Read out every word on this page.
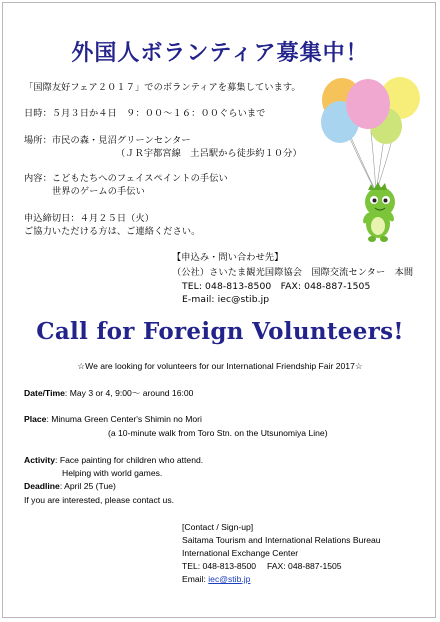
外国人ボランティア募集中！
「国際友好フェア２０１７」でのボランティアを募集しています。
日時：５月３日か４日　９：００～１６：００ぐらいまで
場所：市民の森・見沼グリーンセンター
（ＪＲ宇都宮線　土呂駅から徒歩約１０分）
内容：こどもたちへのフェイスペイントの手伝い
世界のゲームの手伝い
申込締切日：４月２５日（火）
ご協力いただける方は、ご連絡ください。
【申込み・問い合わせ先】
（公社）さいたま観光国際協会　国際交流センター　本間
TEL: 048-813-8500　FAX: 048-887-1505
E-mail: iec@stib.jp
Call for Foreign Volunteers!
☆We are looking for volunteers for our International Friendship Fair 2017☆
Date/Time: May 3 or 4, 9:00～ around 16:00
Place: Minuma Green Center's Shimin no Mori
(a 10-minute walk from Toro Stn. on the Utsunomiya Line)
Activity: Face painting for children who attend.
Helping with world games.
Deadline: April 25 (Tue)
If you are interested, please contact us.
[Contact / Sign-up]
Saitama Tourism and International Relations Bureau
International Exchange Center
TEL: 048-813-8500　 FAX: 048-887-1505
Email: iec@stib.jp
